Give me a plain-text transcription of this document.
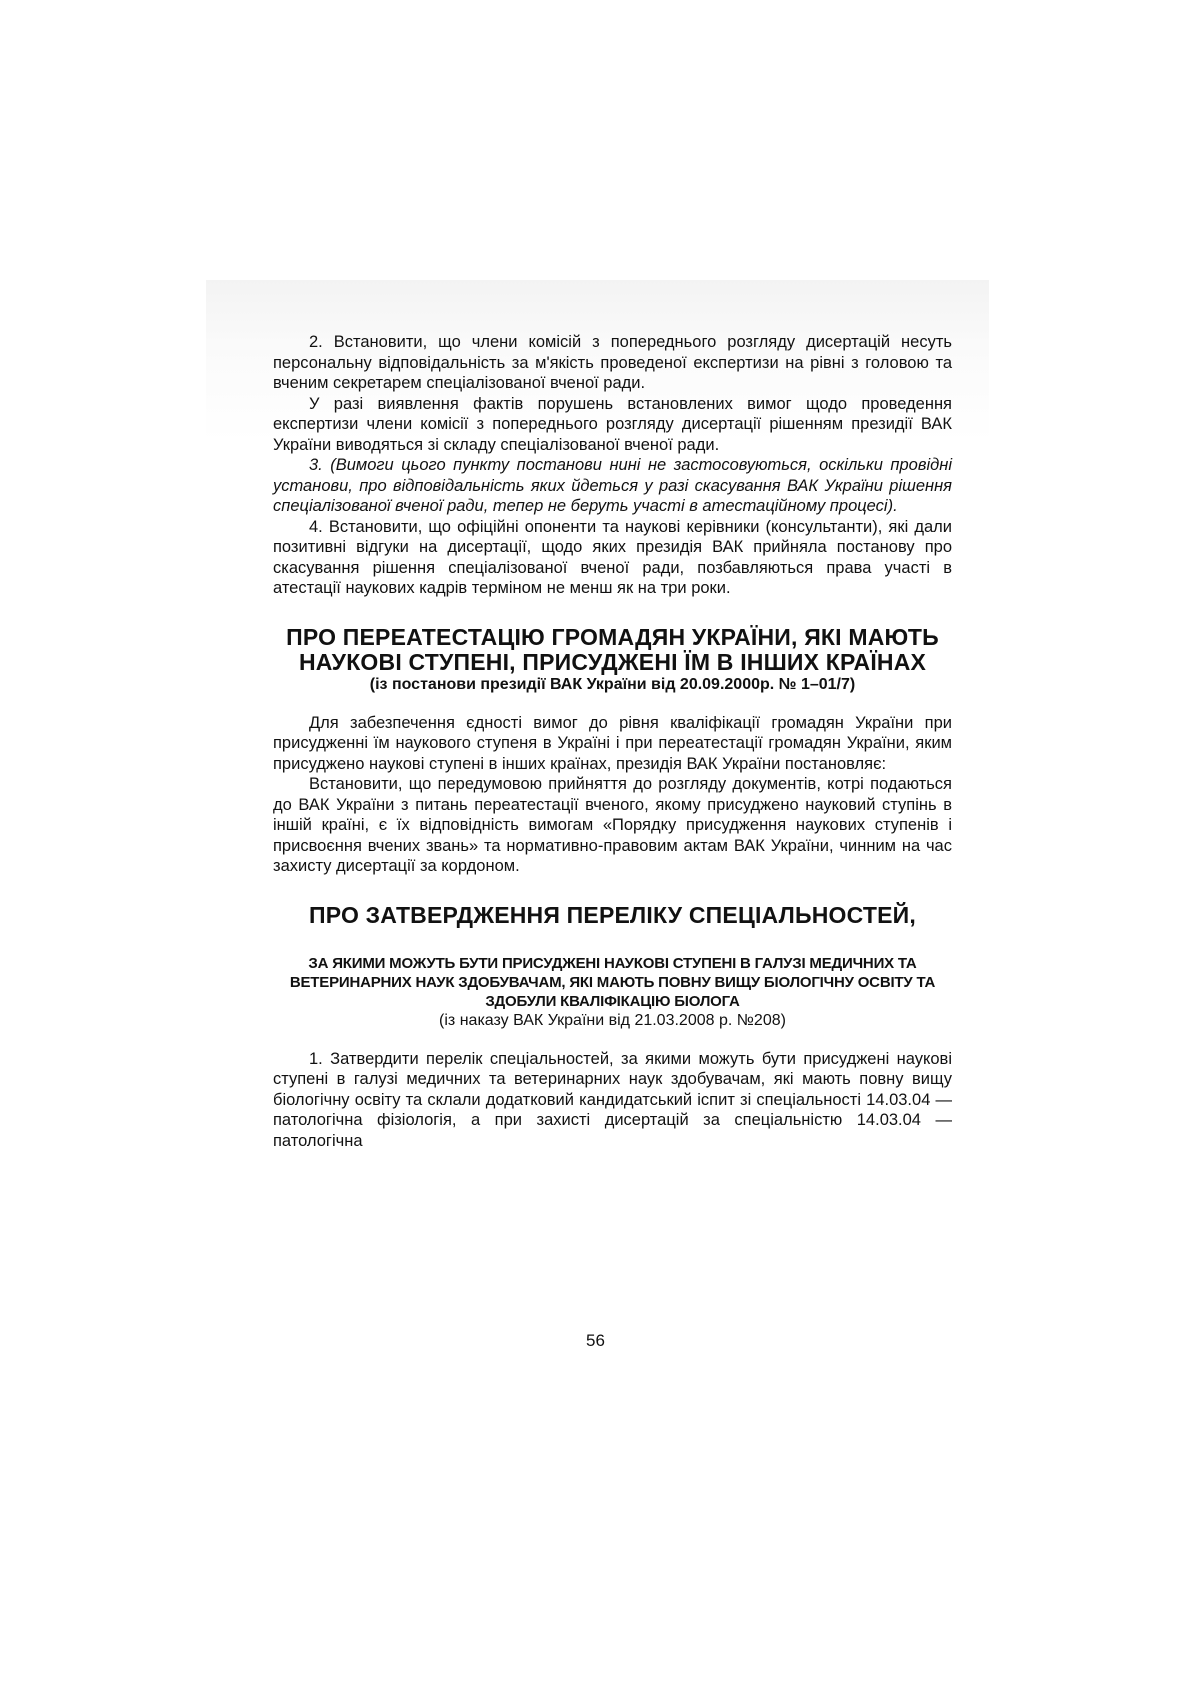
2. Встановити, що члени комісій з попереднього розгляду дисертацій несуть персональну відповідальність за м'якість проведеної експертизи на рівні з головою та вченим секретарем спеціалізованої вченої ради.

У разі виявлення фактів порушень встановлених вимог щодо проведення експертизи члени комісії з попереднього розгляду дисертації рішенням президії ВАК України виводяться зі складу спеціалізованої вченої ради.

3. (Вимоги цього пункту постанови нині не застосовуються, оскільки провідні установи, про відповідальність яких йдеться у разі скасування ВАК України рішення спеціалізованої вченої ради, тепер не беруть участі в атестаційному процесі).

4. Встановити, що офіційні опоненти та наукові керівники (консультанти), які дали позитивні відгуки на дисертації, щодо яких президія ВАК прийняла постанову про скасування рішення спеціалізованої вченої ради, позбавляються права участі в атестації наукових кадрів терміном не менш як на три роки.

ПРО ПЕРЕАТЕСТАЦІЮ ГРОМАДЯН УКРАЇНИ, ЯКІ МАЮТЬ НАУКОВІ СТУПЕНІ, ПРИСУДЖЕНІ ЇМ В ІНШИХ КРАЇНАХ

(із постанови президії ВАК України від 20.09.2000р. № 1–01/7)

Для забезпечення єдності вимог до рівня кваліфікації громадян України при присудженні їм наукового ступеня в Україні і при переатестації громадян України, яким присуджено наукові ступені в інших країнах, президія ВАК України постановляє:

Встановити, що передумовою прийняття до розгляду документів, котрі подаються до ВАК України з питань переатестації вченого, якому присуджено науковий ступінь в іншій країні, є їх відповідність вимогам «Порядку присудження наукових ступенів і присвоєння вчених звань» та нормативно-правовим актам ВАК України, чинним на час захисту дисертації за кордоном.

ПРО ЗАТВЕРДЖЕННЯ ПЕРЕЛІКУ СПЕЦІАЛЬНОСТЕЙ,

ЗА ЯКИМИ МОЖУТЬ БУТИ ПРИСУДЖЕНІ НАУКОВІ СТУПЕНІ В ГАЛУЗІ МЕДИЧНИХ ТА ВЕТЕРИНАРНИХ НАУК ЗДОБУВАЧАМ, ЯКІ МАЮТЬ ПОВНУ ВИЩУ БІОЛОГІЧНУ ОСВІТУ ТА ЗДОБУЛИ КВАЛІФІКАЦІЮ БІОЛОГА

(із наказу ВАК України від 21.03.2008 р. №208)

1. Затвердити перелік спеціальностей, за якими можуть бути присуджені наукові ступені в галузі медичних та ветеринарних наук здобувачам, які мають повну вищу біологічну освіту та склали додатковий кандидатський іспит зі спеціальності 14.03.04 — патологічна фізіологія, а при захисті дисертацій за спеціальністю 14.03.04 — патологічна

56
